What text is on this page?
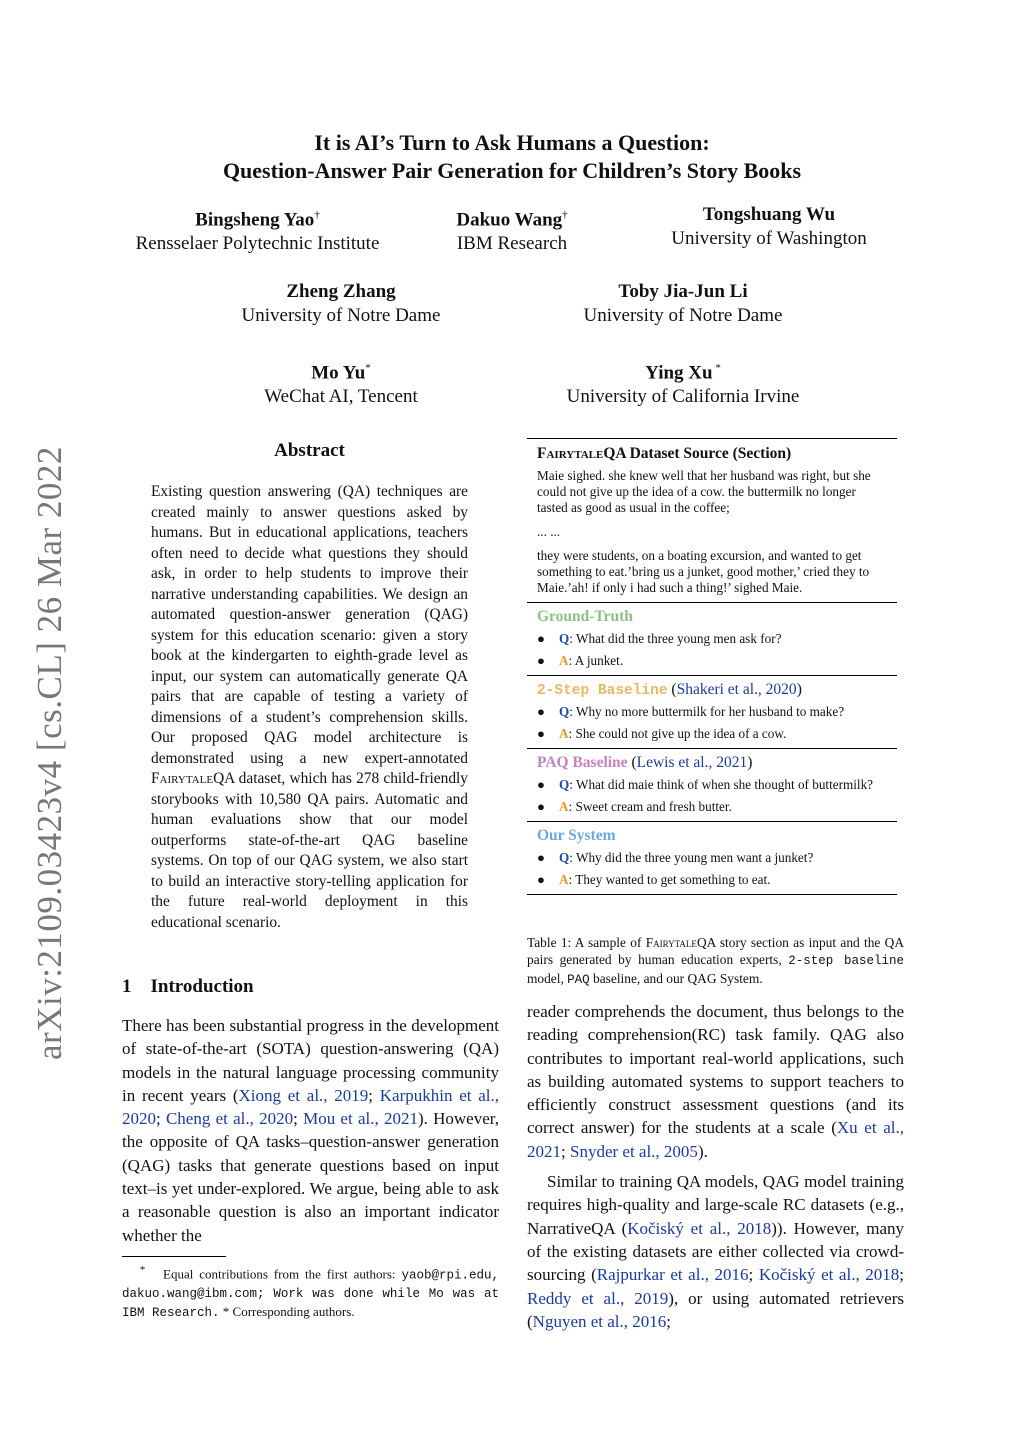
arXiv:2109.03423v4 [cs.CL] 26 Mar 2022
It is AI’s Turn to Ask Humans a Question:
Question-Answer Pair Generation for Children’s Story Books
Bingsheng Yao†
Rensselaer Polytechnic Institute
Dakuo Wang†
IBM Research
Tongshuang Wu
University of Washington
Zheng Zhang
University of Notre Dame
Toby Jia-Jun Li
University of Notre Dame
Mo Yu*
WeChat AI, Tencent
Ying Xu *
University of California Irvine
Abstract
Existing question answering (QA) techniques are created mainly to answer questions asked by humans. But in educational applications, teachers often need to decide what questions they should ask, in order to help students to improve their narrative understanding capabilities. We design an automated question-answer generation (QAG) system for this education scenario: given a story book at the kindergarten to eighth-grade level as input, our system can automatically generate QA pairs that are capable of testing a variety of dimensions of a student’s comprehension skills. Our proposed QAG model architecture is demonstrated using a new expert-annotated FairytaleQA dataset, which has 278 child-friendly storybooks with 10,580 QA pairs. Automatic and human evaluations show that our model outperforms state-of-the-art QAG baseline systems. On top of our QAG system, we also start to build an interactive story-telling application for the future real-world deployment in this educational scenario.
1 Introduction
There has been substantial progress in the development of state-of-the-art (SOTA) question-answering (QA) models in the natural language processing community in recent years (Xiong et al., 2019; Karpukhin et al., 2020; Cheng et al., 2020; Mou et al., 2021). However, the opposite of QA tasks–question-answer generation (QAG) tasks that generate questions based on input text–is yet under-explored. We argue, being able to ask a reasonable question is also an important indicator whether the
* Equal contributions from the first authors: yaob@rpi.edu, dakuo.wang@ibm.com; Work was done while Mo was at IBM Research. * Corresponding authors.
FairytaleQA Dataset Source (Section)
Maie sighed. she knew well that her husband was right, but she could not give up the idea of a cow. the buttermilk no longer tasted as good as usual in the coffee;
... ...
they were students, on a boating excursion, and wanted to get something to eat.’bring us a junket, good mother,’ cried they to Maie.’ah! if only i had such a thing!’ sighed Maie.
Ground-Truth
●	Q: What did the three young men ask for?
●	A: A junket.
2-Step Baseline (Shakeri et al., 2020)
●	Q: Why no more buttermilk for her husband to make?
●	A: She could not give up the idea of a cow.
PAQ Baseline (Lewis et al., 2021)
●	Q: What did maie think of when she thought of buttermilk?
●	A: Sweet cream and fresh butter.
Our System
●	Q: Why did the three young men want a junket?
●	A: They wanted to get something to eat.
Table 1: A sample of FairytaleQA story section as input and the QA pairs generated by human education experts, 2-step baseline model, PAQ baseline, and our QAG System.
reader comprehends the document, thus belongs to the reading comprehension(RC) task family. QAG also contributes to important real-world applications, such as building automated systems to support teachers to efficiently construct assessment questions (and its correct answer) for the students at a scale (Xu et al., 2021; Snyder et al., 2005).
Similar to training QA models, QAG model training requires high-quality and large-scale RC datasets (e.g., NarrativeQA (Kočiský et al., 2018)). However, many of the existing datasets are either collected via crowd-sourcing (Rajpurkar et al., 2016; Kočiský et al., 2018; Reddy et al., 2019), or using automated retrievers (Nguyen et al., 2016;
